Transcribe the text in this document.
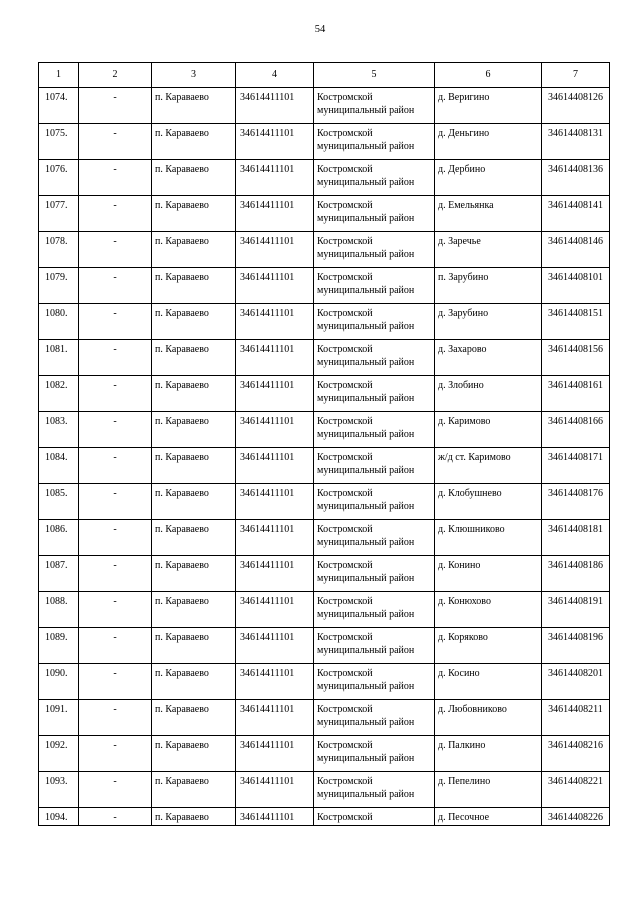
54
1	2	3	4	5	6	7

1074.	-	п. Караваево	34614411101	Костромской муниципальный район	д. Веригино	34614408126

1075.	-	п. Караваево	34614411101	Костромской муниципальный район	д. Деньгино	34614408131

1076.	-	п. Караваево	34614411101	Костромской муниципальный район	д. Дербино	34614408136

1077.	-	п. Караваево	34614411101	Костромской муниципальный район	д. Емельянка	34614408141

1078.	-	п. Караваево	34614411101	Костромской муниципальный район	д. Заречье	34614408146

1079.	-	п. Караваево	34614411101	Костромской муниципальный район	п. Зарубино	34614408101

1080.	-	п. Караваево	34614411101	Костромской муниципальный район	д. Зарубино	34614408151

1081.	-	п. Караваево	34614411101	Костромской муниципальный район	д. Захарово	34614408156

1082.	-	п. Караваево	34614411101	Костромской муниципальный район	д. Злобино	34614408161

1083.	-	п. Караваево	34614411101	Костромской муниципальный район	д. Каримово	34614408166

1084.	-	п. Караваево	34614411101	Костромской муниципальный район	ж/д ст. Каримово	34614408171

1085.	-	п. Караваево	34614411101	Костромской муниципальный район	д. Клобушнево	34614408176

1086.	-	п. Караваево	34614411101	Костромской муниципальный район	д. Клюшниково	34614408181

1087.	-	п. Караваево	34614411101	Костромской муниципальный район	д. Конино	34614408186

1088.	-	п. Караваево	34614411101	Костромской муниципальный район	д. Конюхово	34614408191

1089.	-	п. Караваево	34614411101	Костромской муниципальный район	д. Коряково	34614408196

1090.	-	п. Караваево	34614411101	Костромской муниципальный район	д. Косино	34614408201

1091.	-	п. Караваево	34614411101	Костромской муниципальный район	д. Любовниково	34614408211

1092.	-	п. Караваево	34614411101	Костромской муниципальный район	д. Палкино	34614408216

1093.	-	п. Караваево	34614411101	Костромской муниципальный район	д. Пепелино	34614408221

1094.	-	п. Караваево	34614411101	Костромской	д. Песочное	34614408226
